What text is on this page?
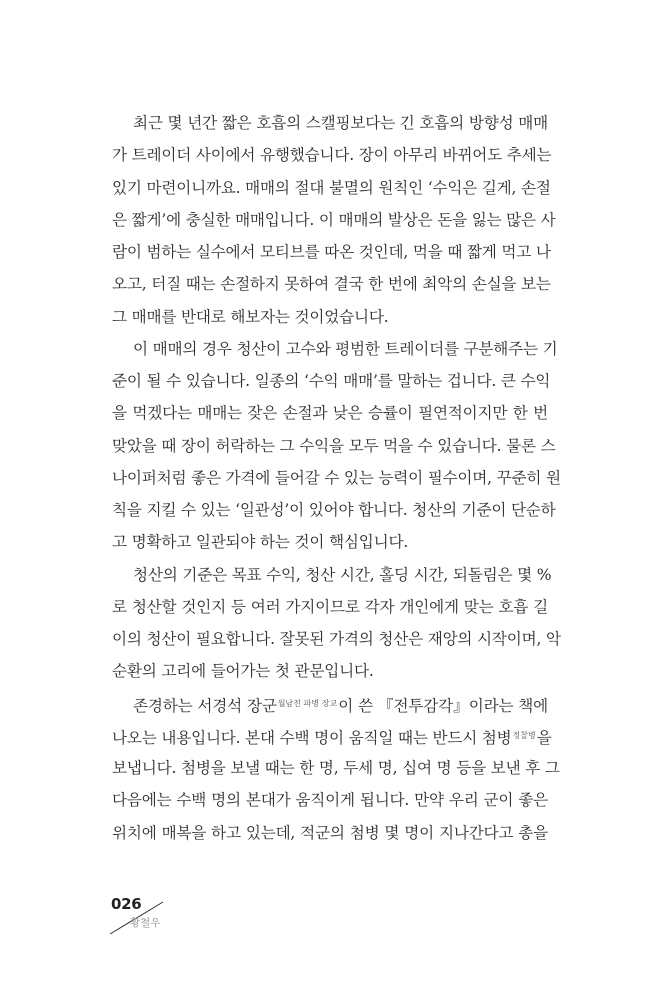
최근 몇 년간 짧은 호흡의 스캘핑보다는 긴 호흡의 방향성 매매
가 트레이더 사이에서 유행했습니다. 장이 아무리 바뀌어도 추세는
있기 마련이니까요. 매매의 절대 불멸의 원칙인 ‘수익은 길게, 손절
은 짧게’에 충실한 매매입니다. 이 매매의 발상은 돈을 잃는 많은 사
람이 범하는 실수에서 모티브를 따온 것인데, 먹을 때 짧게 먹고 나
오고, 터질 때는 손절하지 못하여 결국 한 번에 최악의 손실을 보는
그 매매를 반대로 해보자는 것이었습니다.
이 매매의 경우 청산이 고수와 평범한 트레이더를 구분해주는 기
준이 될 수 있습니다. 일종의 ‘수익 매매’를 말하는 겁니다. 큰 수익
을 먹겠다는 매매는 잦은 손절과 낮은 승률이 필연적이지만 한 번
맞았을 때 장이 허락하는 그 수익을 모두 먹을 수 있습니다. 물론 스
나이퍼처럼 좋은 가격에 들어갈 수 있는 능력이 필수이며, 꾸준히 원
칙을 지킬 수 있는 ‘일관성’이 있어야 합니다. 청산의 기준이 단순하
고 명확하고 일관되야 하는 것이 핵심입니다.
청산의 기준은 목표 수익, 청산 시간, 홀딩 시간, 되돌림은 몇 %
로 청산할 것인지 등 여러 가지이므로 각자 개인에게 맞는 호흡 길
이의 청산이 필요합니다. 잘못된 가격의 청산은 재앙의 시작이며, 악
순환의 고리에 들어가는 첫 관문입니다.
존경하는 서경석 장군$^{월남전 파병 장교}$이 쓴 『전투감각』이라는 책에
나오는 내용입니다. 본대 수백 명이 움직일 때는 반드시 첨병$^{정찰병}$을
보냅니다. 첨병을 보낼 때는 한 명, 두세 명, 십여 명 등을 보낸 후 그
다음에는 수백 명의 본대가 움직이게 됩니다. 만약 우리 군이 좋은
위치에 매복을 하고 있는데, 적군의 첨병 몇 명이 지나간다고 총을
026
황철우
